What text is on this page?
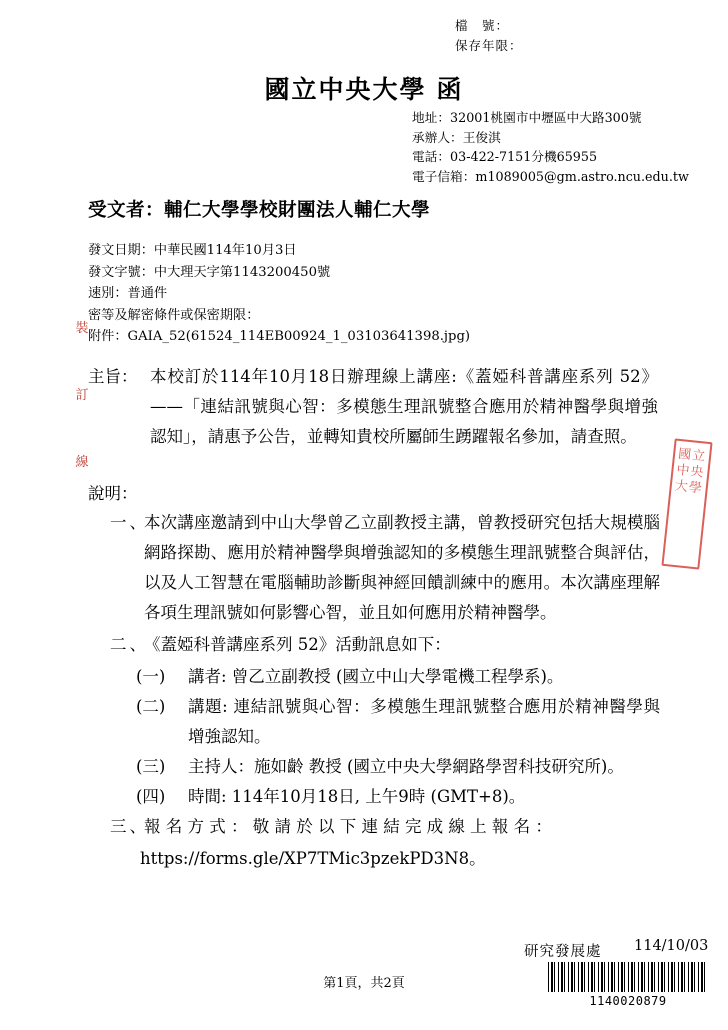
檔　號：
保存年限：
國立中央大學 函
地址：32001桃園市中壢區中大路300號
承辦人：王俊淇
電話：03-422-7151分機65955
電子信箱：m1089005@gm.astro.ncu.edu.tw
受文者：輔仁大學學校財團法人輔仁大學
發文日期：中華民國114年10月3日
發文字號：中大理天字第1143200450號
速別：普通件
密等及解密條件或保密期限：
附件：GAIA_52(61524_114EB00924_1_03103641398.jpg)
裝
訂
線
主旨： 本校訂於114年10月18日辦理線上講座:《蓋婭科普講座系列 52》——「連結訊號與心智：多模態生理訊號整合應用於精神醫學與增強認知」，請惠予公告，並轉知貴校所屬師生踴躍報名參加，請查照。
說明：
一、
本次講座邀請到中山大學曾乙立副教授主講，曾教授研究包括大規模腦網路探勘、應用於精神醫學與增強認知的多模態生理訊號整合與評估，以及人工智慧在電腦輔助診斷與神經回饋訓練中的應用。本次講座理解各項生理訊號如何影響心智，並且如何應用於精神醫學。
二、
《蓋婭科普講座系列 52》活動訊息如下：
(一)	講者: 曾乙立副教授 (國立中山大學電機工程學系)。
(二)	講題: 連結訊號與心智：多模態生理訊號整合應用於精神醫學與增強認知。
(三)	主持人：施如齡 教授 (國立中央大學網路學習科技研究所)。
(四)	時間: 114年10月18日, 上午9時 (GMT+8)。
三、
報 名 方 式 ： 敬 請 於 以 下 連 結 完 成 線 上 報 名 ：
https://forms.gle/XP7TMic3pzekPD3N8。
國立中央大學
研究發展處 114/10/03
第1頁，共2頁
1140020879
